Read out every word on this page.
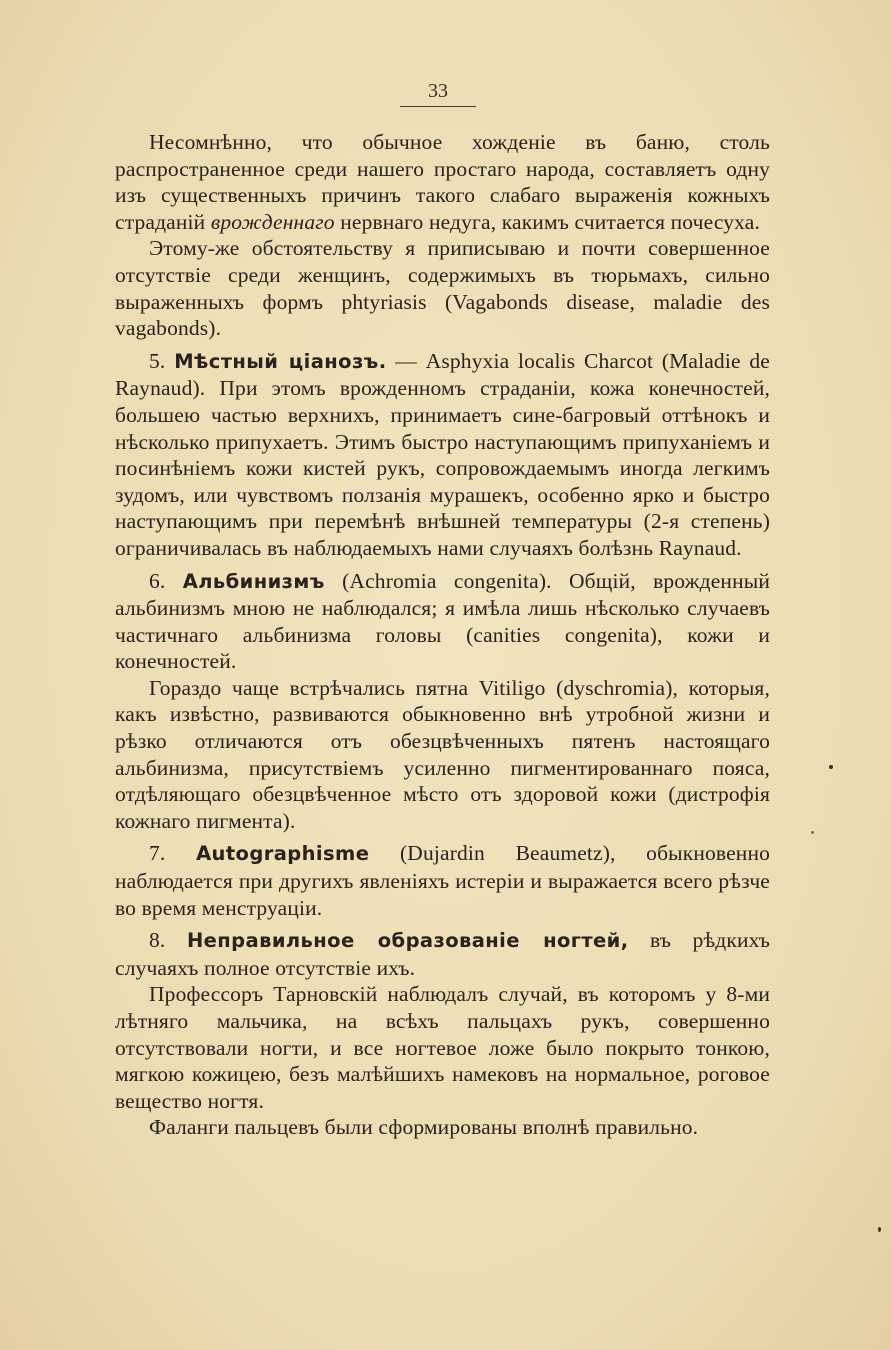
33

Несомнѣнно, что обычное хожденіе въ баню, столь распространенное среди нашего простаго народа, составляетъ одну изъ существенныхъ причинъ такого слабаго выраженія кожныхъ страданій врожденнаго нервнаго недуга, какимъ считается почесуха.

Этому-же обстоятельству я приписываю и почти совершенное отсутствіе среди женщинъ, содержимыхъ въ тюрьмахъ, сильно выраженныхъ формъ phtyriasis (Vagabonds disease, maladie des vagabonds).

5. Мѣстный ціанозъ. — Asphyxia localis Charcot (Maladie de Raynaud). При этомъ врожденномъ страданіи, кожа конечностей, большею частью верхнихъ, принимаетъ сине-багровый оттѣнокъ и нѣсколько припухаетъ. Этимъ быстро наступающимъ припуханіемъ и посинѣніемъ кожи кистей рукъ, сопровождаемымъ иногда легкимъ зудомъ, или чувствомъ ползанія мурашекъ, особенно ярко и быстро наступающимъ при перемѣнѣ внѣшней температуры (2-я степень) ограничивалась въ наблюдаемыхъ нами случаяхъ болѣзнь Raynaud.

6. Альбинизмъ (Achromia congenita). Общій, врожденный альбинизмъ мною не наблюдался; я имѣла лишь нѣсколько случаевъ частичнаго альбинизма головы (canities congenita), кожи и конечностей.

Гораздо чаще встрѣчались пятна Vitiligo (dyschromia), которыя, какъ извѣстно, развиваются обыкновенно внѣ утробной жизни и рѣзко отличаются отъ обезцвѣченныхъ пятенъ настоящаго альбинизма, присутствіемъ усиленно пигментированнаго пояса, отдѣляющаго обезцвѣченное мѣсто отъ здоровой кожи (дистрофія кожнаго пигмента).

7. Autographisme (Dujardin Beaumetz), обыкновенно наблюдается при другихъ явленіяхъ истеріи и выражается всего рѣзче во время менструаціи.

8. Неправильное образованіе ногтей, въ рѣдкихъ случаяхъ полное отсутствіе ихъ.

Профессоръ Тарновскій наблюдалъ случай, въ которомъ у 8-ми лѣтняго мальчика, на всѣхъ пальцахъ рукъ, совершенно отсутствовали ногти, и все ногтевое ложе было покрыто тонкою, мягкою кожицею, безъ малѣйшихъ намековъ на нормальное, роговое вещество ногтя.

Фаланги пальцевъ были сформированы вполнѣ правильно.
